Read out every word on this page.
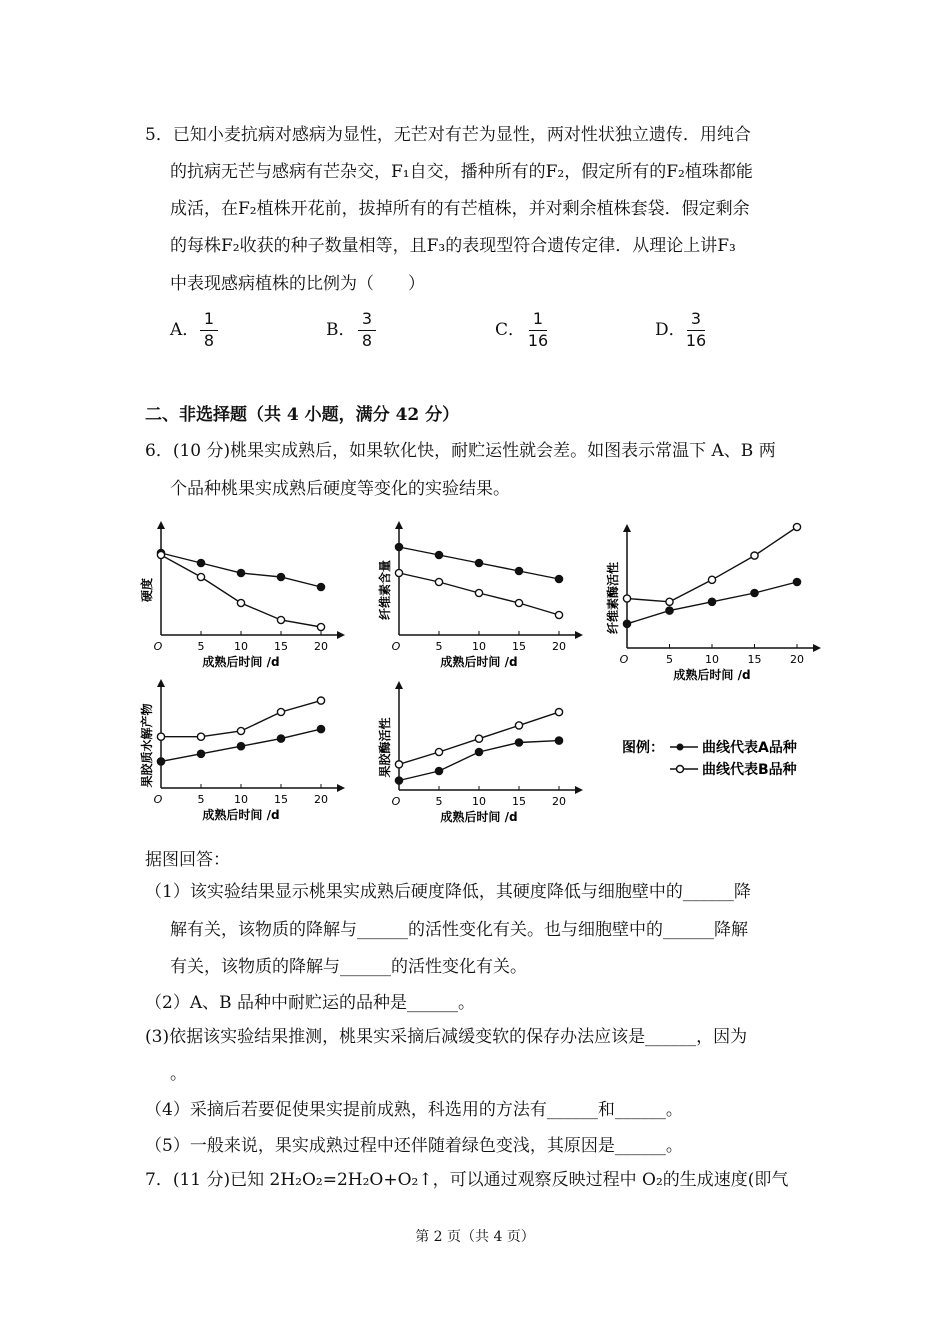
5．已知小麦抗病对感病为显性，无芒对有芒为显性，两对性状独立遗传．用纯合
的抗病无芒与感病有芒杂交，F₁自交，播种所有的F₂，假定所有的F₂植珠都能
成活，在F₂植株开花前，拔掉所有的有芒植株，并对剩余植株套袋．假定剩余
的每株F₂收获的种子数量相等，且F₃的表现型符合遗传定律．从理论上讲F₃
中表现感病植株的比例为（　　）
A．
1
8
B．
3
8
C．
1
16
D．
3
16
二、非选择题（共 4 小题，满分 42 分）
6．(10 分)桃果实成熟后，如果软化快，耐贮运性就会差。如图表示常温下 A、B 两
个品种桃果实成熟后硬度等变化的实验结果。
图例：	曲线代表A品种
曲线代表B品种
O	5	10 15 20
成熟后时间 /d
硬度
O	5	10 15 20
成熟后时间 /d
纤维素含量
O	5	10	15	20
成熟后时间 /d
纤维素酶活性
O	5	10 15 20
成熟后时间 /d
果胶质水解产物
O	5	10 15 20
成熟后时间 /d
果胶酶活性
据图回答：
（1）该实验结果显示桃果实成熟后硬度降低，其硬度降低与细胞壁中的______降
解有关，该物质的降解与______的活性变化有关。也与细胞壁中的______降解
有关，该物质的降解与______的活性变化有关。
（2）A、B 品种中耐贮运的品种是______。
(3)依据该实验结果推测，桃果实采摘后减缓变软的保存办法应该是______，因为
。
（4）采摘后若要促使果实提前成熟，科选用的方法有______和______。
（5）一般来说，果实成熟过程中还伴随着绿色变浅，其原因是______。
7．(11 分)已知 2H₂O₂=2H₂O+O₂↑，可以通过观察反映过程中 O₂的生成速度(即气
第 2 页（共 4 页）
